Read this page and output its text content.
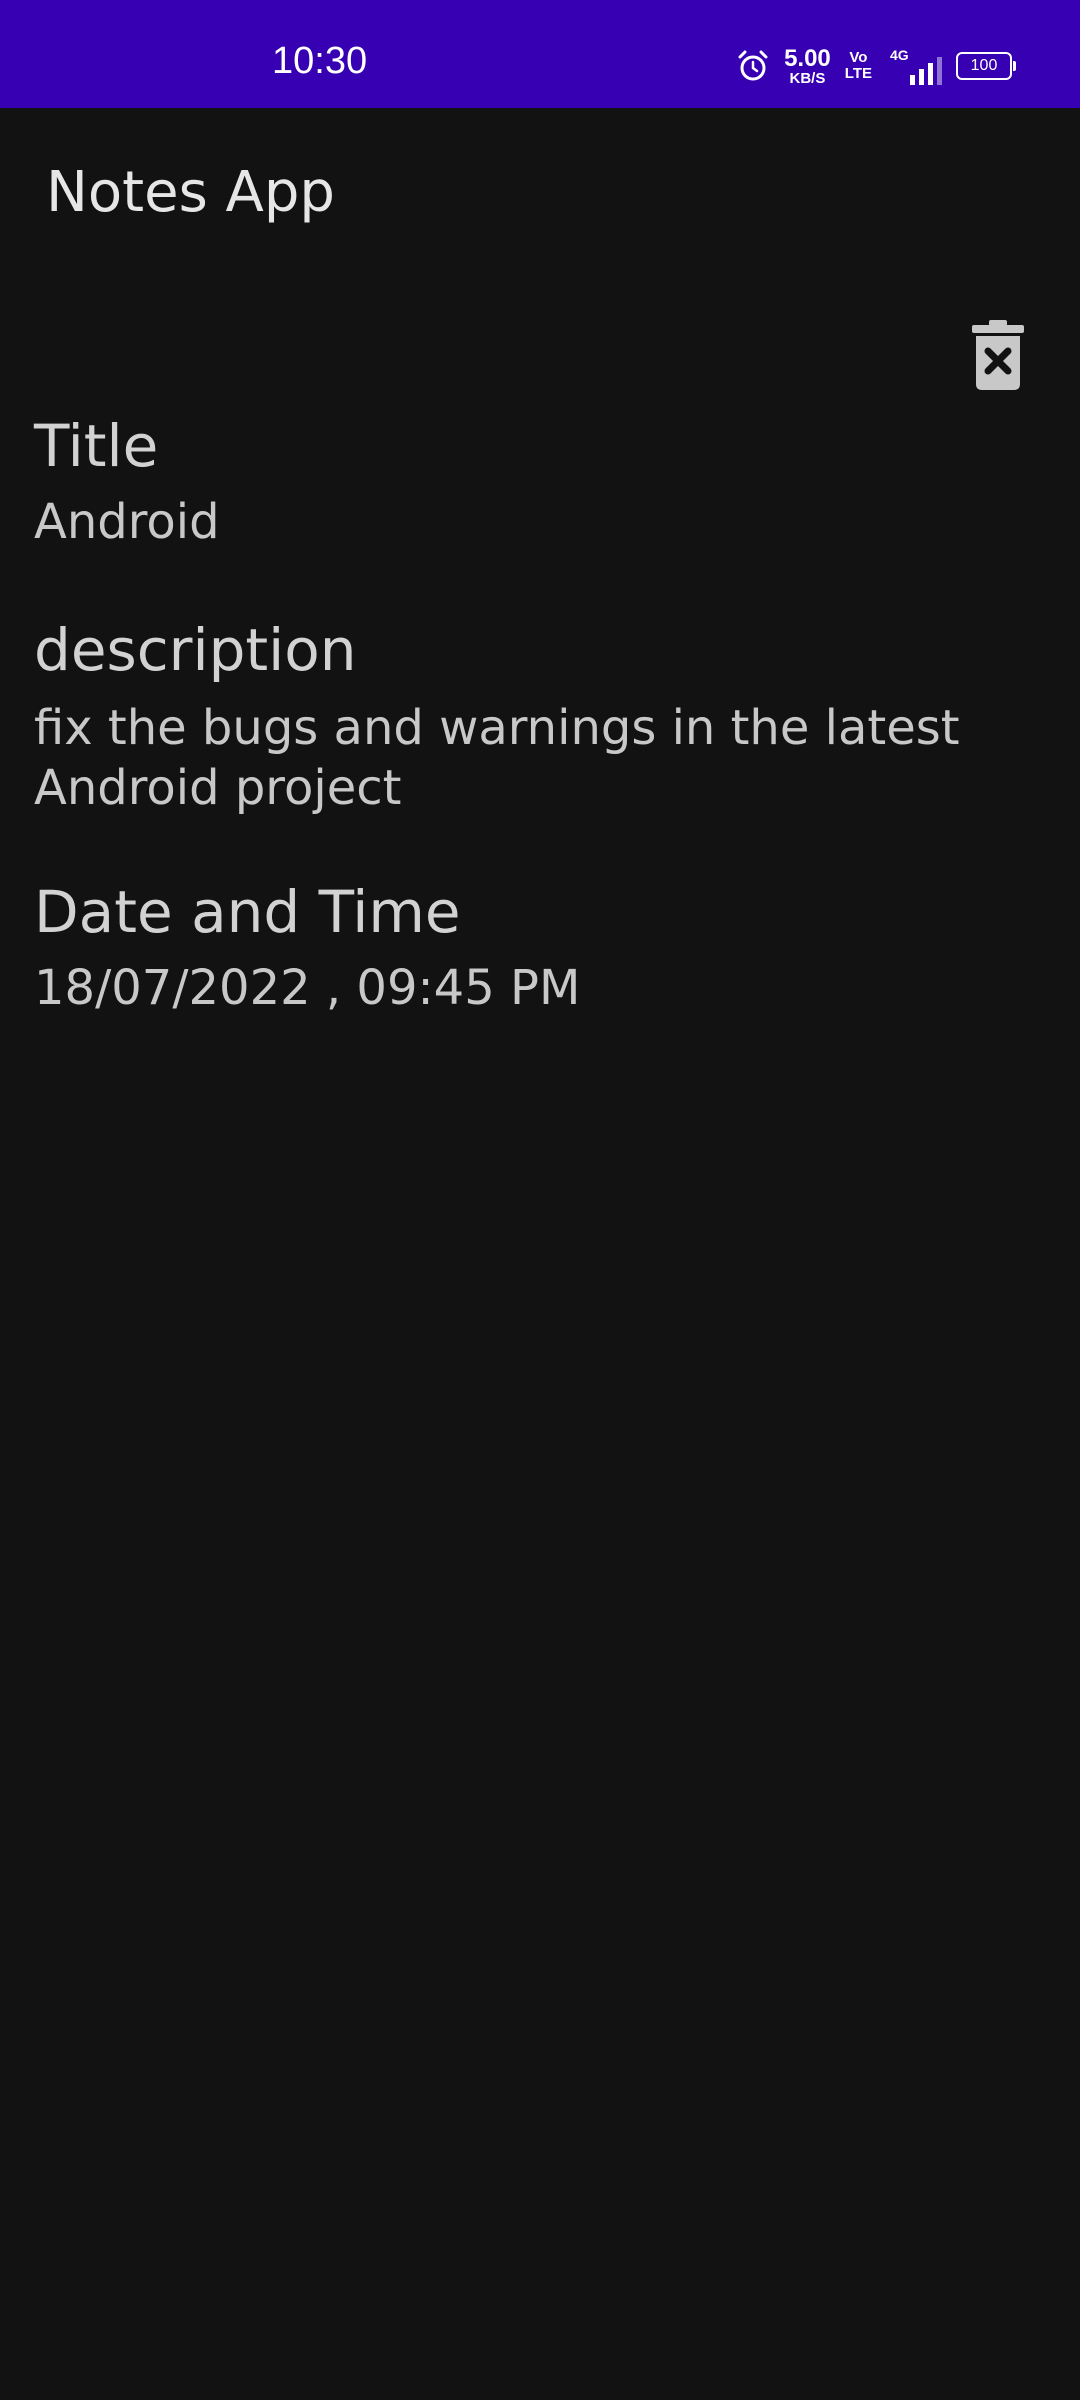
10:30	5.00
KB/S
Vo
LTE
4G
100
Notes App
Title
Android
description
fix the bugs and warnings in the latest Android project
Date and Time
18/07/2022 , 09:45 PM
